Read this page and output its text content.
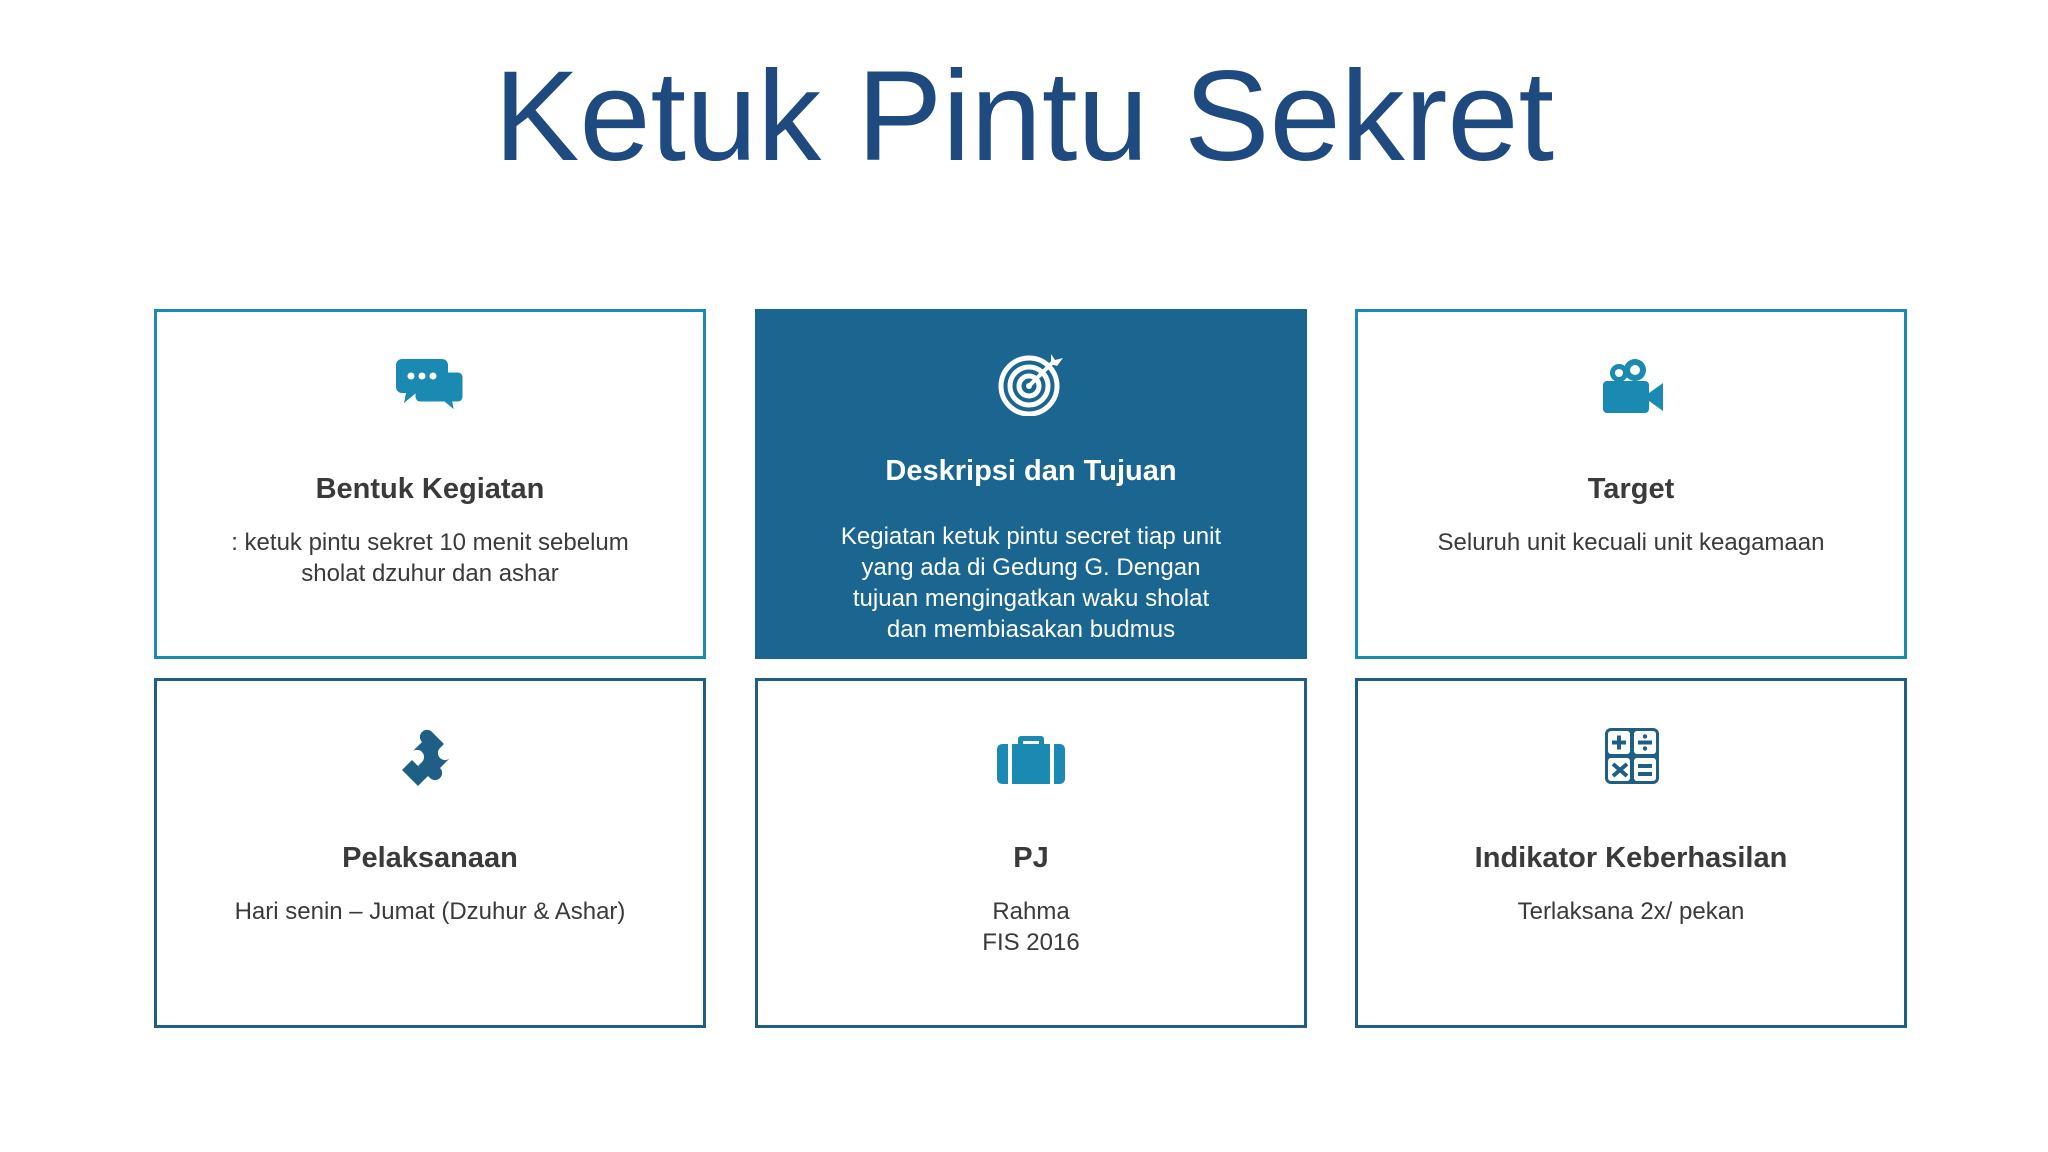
Ketuk Pintu Sekret
Bentuk Kegiatan
: ketuk pintu sekret 10 menit sebelum
sholat dzuhur dan ashar
Deskripsi dan Tujuan
Kegiatan ketuk pintu secret tiap unit
yang ada di Gedung G. Dengan
tujuan mengingatkan waku sholat
dan membiasakan budmus
Target
Seluruh unit kecuali unit keagamaan
Pelaksanaan
Hari senin – Jumat (Dzuhur & Ashar)
PJ
Rahma
FIS 2016
Indikator Keberhasilan
Terlaksana 2x/ pekan
